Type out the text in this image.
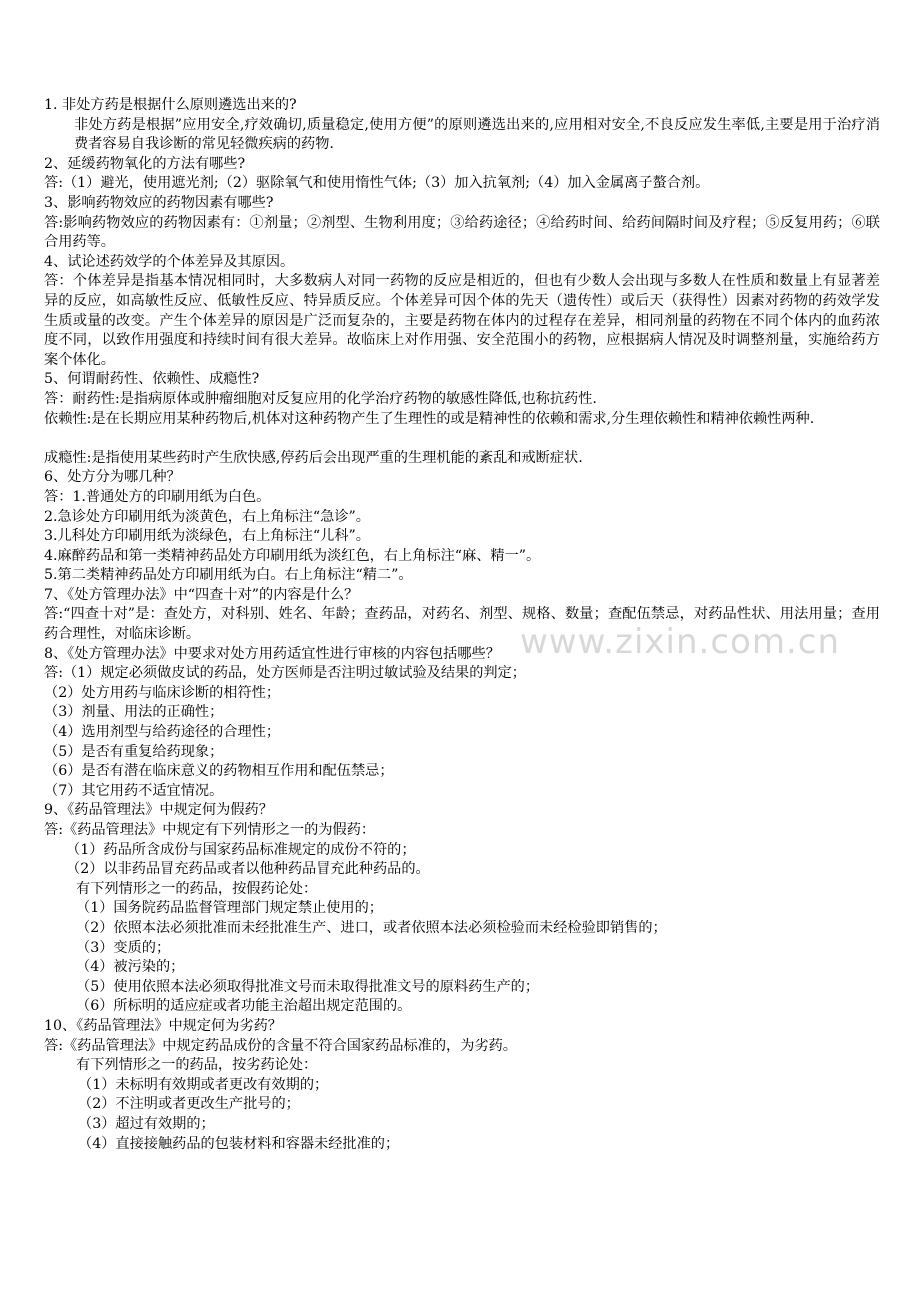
1. 非处方药是根据什么原则遴选出来的?
非处方药是根据”应用安全,疗效确切,质量稳定,使用方便”的原则遴选出来的,应用相对安全,不良反应发生率低,主要是用于治疗消费者容易自我诊断的常见轻微疾病的药物.
2、延缓药物氧化的方法有哪些?
答:（1）避光，使用遮光剂;（2）驱除氧气和使用惰性气体;（3）加入抗氧剂;（4）加入金属离子螯合剂。
3、影响药物效应的药物因素有哪些?
答:影响药物效应的药物因素有：①剂量；②剂型、生物利用度；③给药途径；④给药时间、给药间隔时间及疗程；⑤反复用药；⑥联合用药等。
4、试论述药效学的个体差异及其原因。
答：个体差异是指基本情况相同时，大多数病人对同一药物的反应是相近的，但也有少数人会出现与多数人在性质和数量上有显著差异的反应，如高敏性反应、低敏性反应、特异质反应。个体差异可因个体的先天（遗传性）或后天（获得性）因素对药物的药效学发生质或量的改变。产生个体差异的原因是广泛而复杂的，主要是药物在体内的过程存在差异，相同剂量的药物在不同个体内的血药浓度不同，以致作用强度和持续时间有很大差异。故临床上对作用强、安全范围小的药物，应根据病人情况及时调整剂量，实施给药方案个体化。
5、何谓耐药性、依赖性、成瘾性?
答：耐药性:是指病原体或肿瘤细胞对反复应用的化学治疗药物的敏感性降低,也称抗药性.
依赖性:是在长期应用某种药物后,机体对这种药物产生了生理性的或是精神性的依赖和需求,分生理依赖性和精神依赖性两种.
成瘾性:是指使用某些药时产生欣快感,停药后会出现严重的生理机能的紊乱和戒断症状.
6、处方分为哪几种？
答：1.普通处方的印刷用纸为白色。
2.急诊处方印刷用纸为淡黄色，右上角标注“急诊”。
3.儿科处方印刷用纸为淡绿色，右上角标注“儿科”。
4.麻醉药品和第一类精神药品处方印刷用纸为淡红色，右上角标注“麻、精一”。
5.第二类精神药品处方印刷用纸为白。右上角标注“精二”。
7、《处方管理办法》中“四查十对”的内容是什么？
答:“四查十对”是：查处方，对科别、姓名、年龄；查药品，对药名、剂型、规格、数量；查配伍禁忌，对药品性状、用法用量；查用药合理性，对临床诊断。
8、《处方管理办法》中要求对处方用药适宜性进行审核的内容包括哪些？
答:（1）规定必须做皮试的药品，处方医师是否注明过敏试验及结果的判定；
（2）处方用药与临床诊断的相符性；
（3）剂量、用法的正确性；
（4）选用剂型与给药途径的合理性；
（5）是否有重复给药现象；
（6）是否有潜在临床意义的药物相互作用和配伍禁忌；
（7）其它用药不适宜情况。
9、《药品管理法》中规定何为假药？
答:《药品管理法》中规定有下列情形之一的为假药：
（1）药品所含成份与国家药品标准规定的成份不符的；
（2）以非药品冒充药品或者以他种药品冒充此种药品的。
有下列情形之一的药品，按假药论处：
（1）国务院药品监督管理部门规定禁止使用的；
（2）依照本法必须批准而未经批准生产、进口，或者依照本法必须检验而未经检验即销售的；
（3）变质的；
（4）被污染的；
（5）使用依照本法必须取得批准文号而未取得批准文号的原料药生产的；
（6）所标明的适应症或者功能主治超出规定范围的。
10、《药品管理法》中规定何为劣药？
答:《药品管理法》中规定药品成份的含量不符合国家药品标准的，为劣药。
有下列情形之一的药品，按劣药论处：
（1）未标明有效期或者更改有效期的；
（2）不注明或者更改生产批号的；
（3）超过有效期的；
（4）直接接触药品的包装材料和容器未经批准的；
www.zixin.com.cn
